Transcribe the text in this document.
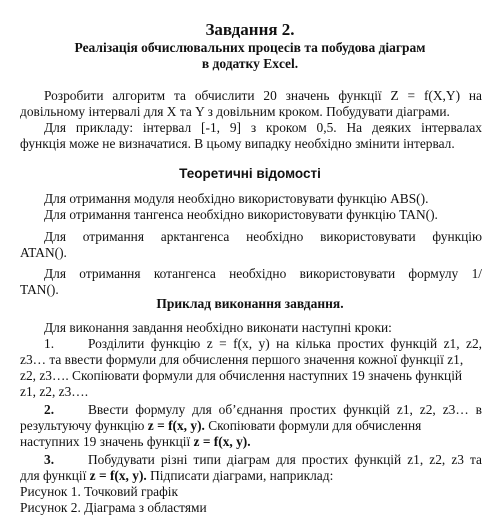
Завдання 2.
Реалізація обчислювальних процесів та побудова діаграм
в додатку Excel.
Розробити алгоритм та обчислити 20 значень функції Z = f(X,Y) на
довільному інтервалі для X та Y з довільним кроком. Побудувати діаграми.
Для прикладу: інтервал [-1, 9] з кроком 0,5. На деяких інтервалах
функція може не визначатися. В цьому випадку необхідно змінити інтервал.
Теоретичні відомості
Для отримання модуля необхідно використовувати функцію ABS().
Для отримання тангенса необхідно використовувати функцію TAN().
Для отримання арктангенса необхідно використовувати функцію
ATAN().
Для отримання котангенса необхідно використовувати формулу 1/
TAN().
Приклад виконання завдання.
Для виконання завдання необхідно виконати наступні кроки:
1.	Розділити функцію z = f(x, y) на кілька простих функцій z1, z2,
z3… та ввести формули для обчислення першого значення кожної функції z1,
z2, z3…. Скопіювати формули для обчислення наступних 19 значень функцій
z1, z2, z3….
2.	Ввести формулу для об’єднання простих функцій z1, z2, z3… в
результуючу функцію z = f(x, y). Скопіювати формули для обчислення
наступних 19 значень функції z = f(x, y).
3.	Побудувати різні типи діаграм для простих функцій z1, z2, z3 та
для функції z = f(x, y). Підписати діаграми, наприклад:
Рисунок 1. Точковий графік
Рисунок 2. Діаграма з областями
